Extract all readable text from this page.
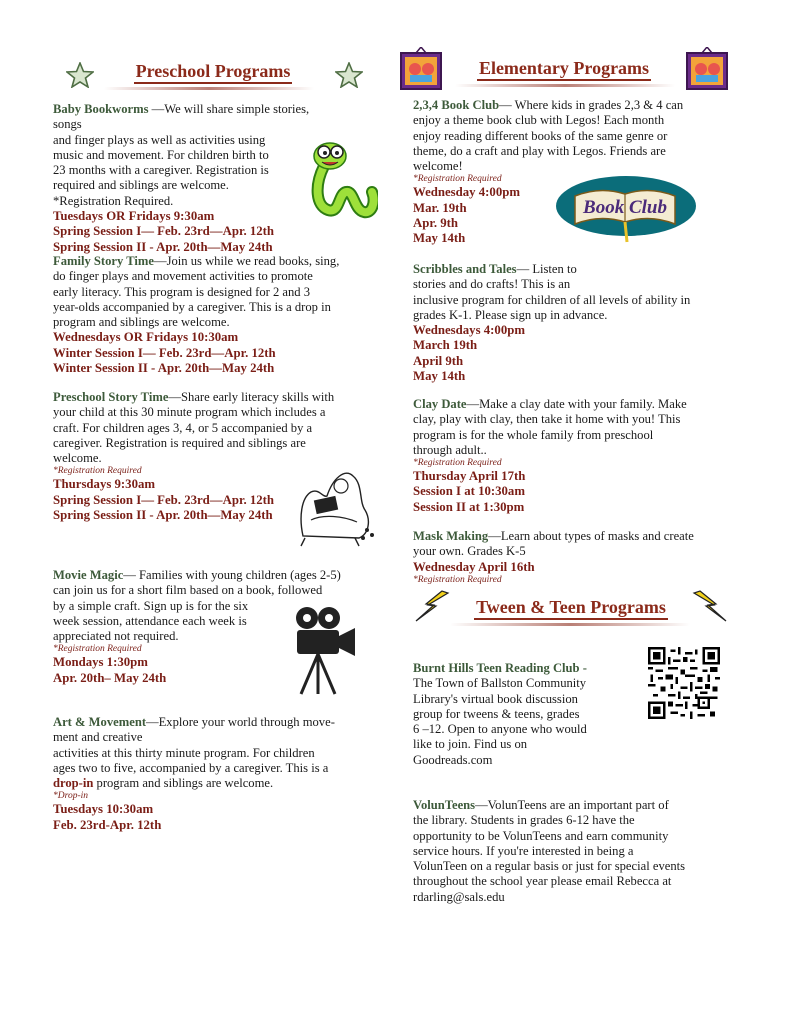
Preschool Programs

Baby Bookworms —We will share simple stories, songs

and finger plays as well as activities using

music and movement. For children birth to

23 months with a caregiver. Registration is

required and siblings are welcome.

*Registration Required.

Tuesdays OR Fridays 9:30am

Spring Session I— Feb. 23rd—Apr. 12th

Spring Session II - Apr. 20th—May 24th

Family Story Time—Join us while we read books, sing,

do finger plays and movement activities to promote

early literacy. This program is designed for 2 and 3

year-olds accompanied by a caregiver. This is a drop in

program and siblings are welcome.

Wednesdays OR Fridays 10:30am

Winter Session I— Feb. 23rd—Apr. 12th

Winter Session II - Apr. 20th—May 24th

Preschool Story Time—Share early literacy skills with

your child at this 30 minute program which includes a

craft. For children ages 3, 4, or 5 accompanied by a

caregiver. Registration is required and siblings are

welcome.

*Registration Required

Thursdays 9:30am

Spring Session I— Feb. 23rd—Apr. 12th

Spring Session II - Apr. 20th—May 24th

Movie Magic— Families with young children (ages 2-5)

can join us for a short film based on a book, followed

by a simple craft. Sign up is for the six

week session, attendance each week is

appreciated not required.

*Registration Required

Mondays 1:30pm

Apr. 20th– May 24th

Art & Movement—Explore your world through move-

ment and creative

activities at this thirty minute program. For children

ages two to five, accompanied by a caregiver. This is a

drop-in program and siblings are welcome.

*Drop-in

Tuesdays 10:30am

Feb. 23rd-Apr. 12th

Elementary Programs

2,3,4 Book Club— Where kids in grades 2,3 & 4 can

enjoy a theme book club with Legos! Each month

enjoy reading different books of the same genre or

theme, do a craft and play with Legos. Friends are

welcome!

*Registration Required

Wednesday 4:00pm

Mar. 19th

Apr. 9th

May 14th

Book Club

Scribbles and Tales— Listen to

stories and do crafts! This is an

inclusive program for children of all levels of ability in

grades K-1. Please sign up in advance.

Wednesdays 4:00pm

March 19th

April 9th

May 14th

Clay Date—Make a clay date with your family. Make

clay, play with clay, then take it home with you! This

program is for the whole family from preschool

through adult..

*Registration Required

Thursday April 17th

Session I at 10:30am

Session II at 1:30pm

Mask Making—Learn about types of masks and create

your own. Grades K-5

Wednesday April 16th

*Registration Required

Tween & Teen Programs

Burnt Hills Teen Reading Club -

The Town of Ballston Community

Library's virtual book discussion

group for tweens & teens, grades

6 –12. Open to anyone who would

like to join. Find us on

Goodreads.com

VolunTeens—VolunTeens are an important part of

the library. Students in grades 6-12 have the

opportunity to be VolunTeens and earn community

service hours. If you're interested in being a

VolunTeen on a regular basis or just for special events

throughout the school year please email Rebecca at

rdarling@sals.edu
